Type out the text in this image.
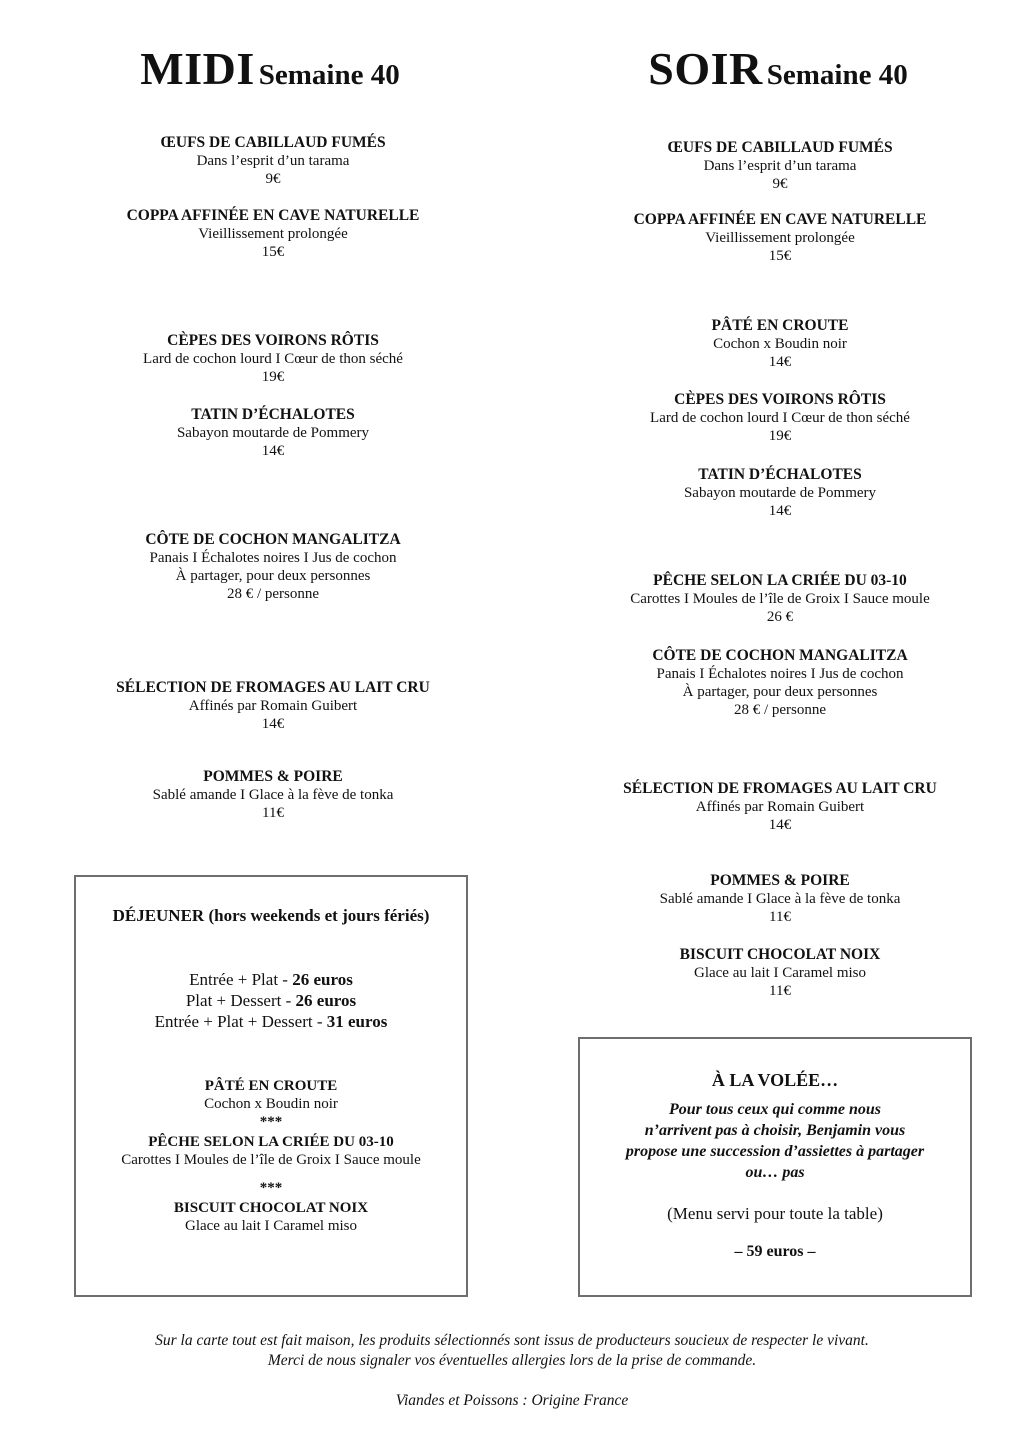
MIDI Semaine 40	SOIR Semaine 40
ŒUFS DE CABILLAUD FUMÉS
Dans l’esprit d’un tarama
9€
COPPA AFFINÉE EN CAVE NATURELLE
Vieillissement prolongée
15€
CÈPES DES VOIRONS RÔTIS
Lard de cochon lourd I Cœur de thon séché
19€
TATIN D’ÉCHALOTES
Sabayon moutarde de Pommery
14€
CÔTE DE COCHON MANGALITZA
Panais I Échalotes noires I Jus de cochon
À partager, pour deux personnes
28 € / personne
SÉLECTION DE FROMAGES AU LAIT CRU
Affinés par Romain Guibert
14€
POMMES & POIRE
Sablé amande I Glace à la fève de tonka
11€
ŒUFS DE CABILLAUD FUMÉS
Dans l’esprit d’un tarama
9€
COPPA AFFINÉE EN CAVE NATURELLE
Vieillissement prolongée
15€
PÂTÉ EN CROUTE
Cochon x Boudin noir
14€
CÈPES DES VOIRONS RÔTIS
Lard de cochon lourd I Cœur de thon séché
19€
TATIN D’ÉCHALOTES
Sabayon moutarde de Pommery
14€
PÊCHE SELON LA CRIÉE DU 03-10
Carottes I Moules de l’île de Groix I Sauce moule
26 €
CÔTE DE COCHON MANGALITZA
Panais I Échalotes noires I Jus de cochon
À partager, pour deux personnes
28 € / personne
SÉLECTION DE FROMAGES AU LAIT CRU
Affinés par Romain Guibert
14€
POMMES & POIRE
Sablé amande I Glace à la fève de tonka
11€
BISCUIT CHOCOLAT NOIX
Glace au lait I Caramel miso
11€
DÉJEUNER (hors weekends et jours fériés)
Entrée + Plat - 26 euros
Plat + Dessert - 26 euros
Entrée + Plat + Dessert - 31 euros
PÂTÉ EN CROUTE
Cochon x Boudin noir
***
PÊCHE SELON LA CRIÉE DU 03-10
Carottes I Moules de l’île de Groix I Sauce moule
***
BISCUIT CHOCOLAT NOIX
Glace au lait I Caramel miso
À LA VOLÉE…
Pour tous ceux qui comme nous
n’arrivent pas à choisir, Benjamin vous
propose une succession d’assiettes à partager
ou… pas
(Menu servi pour toute la table)
– 59 euros –
Sur la carte tout est fait maison, les produits sélectionnés sont issus de producteurs soucieux de respecter le vivant.
Merci de nous signaler vos éventuelles allergies lors de la prise de commande.
Viandes et Poissons : Origine France
